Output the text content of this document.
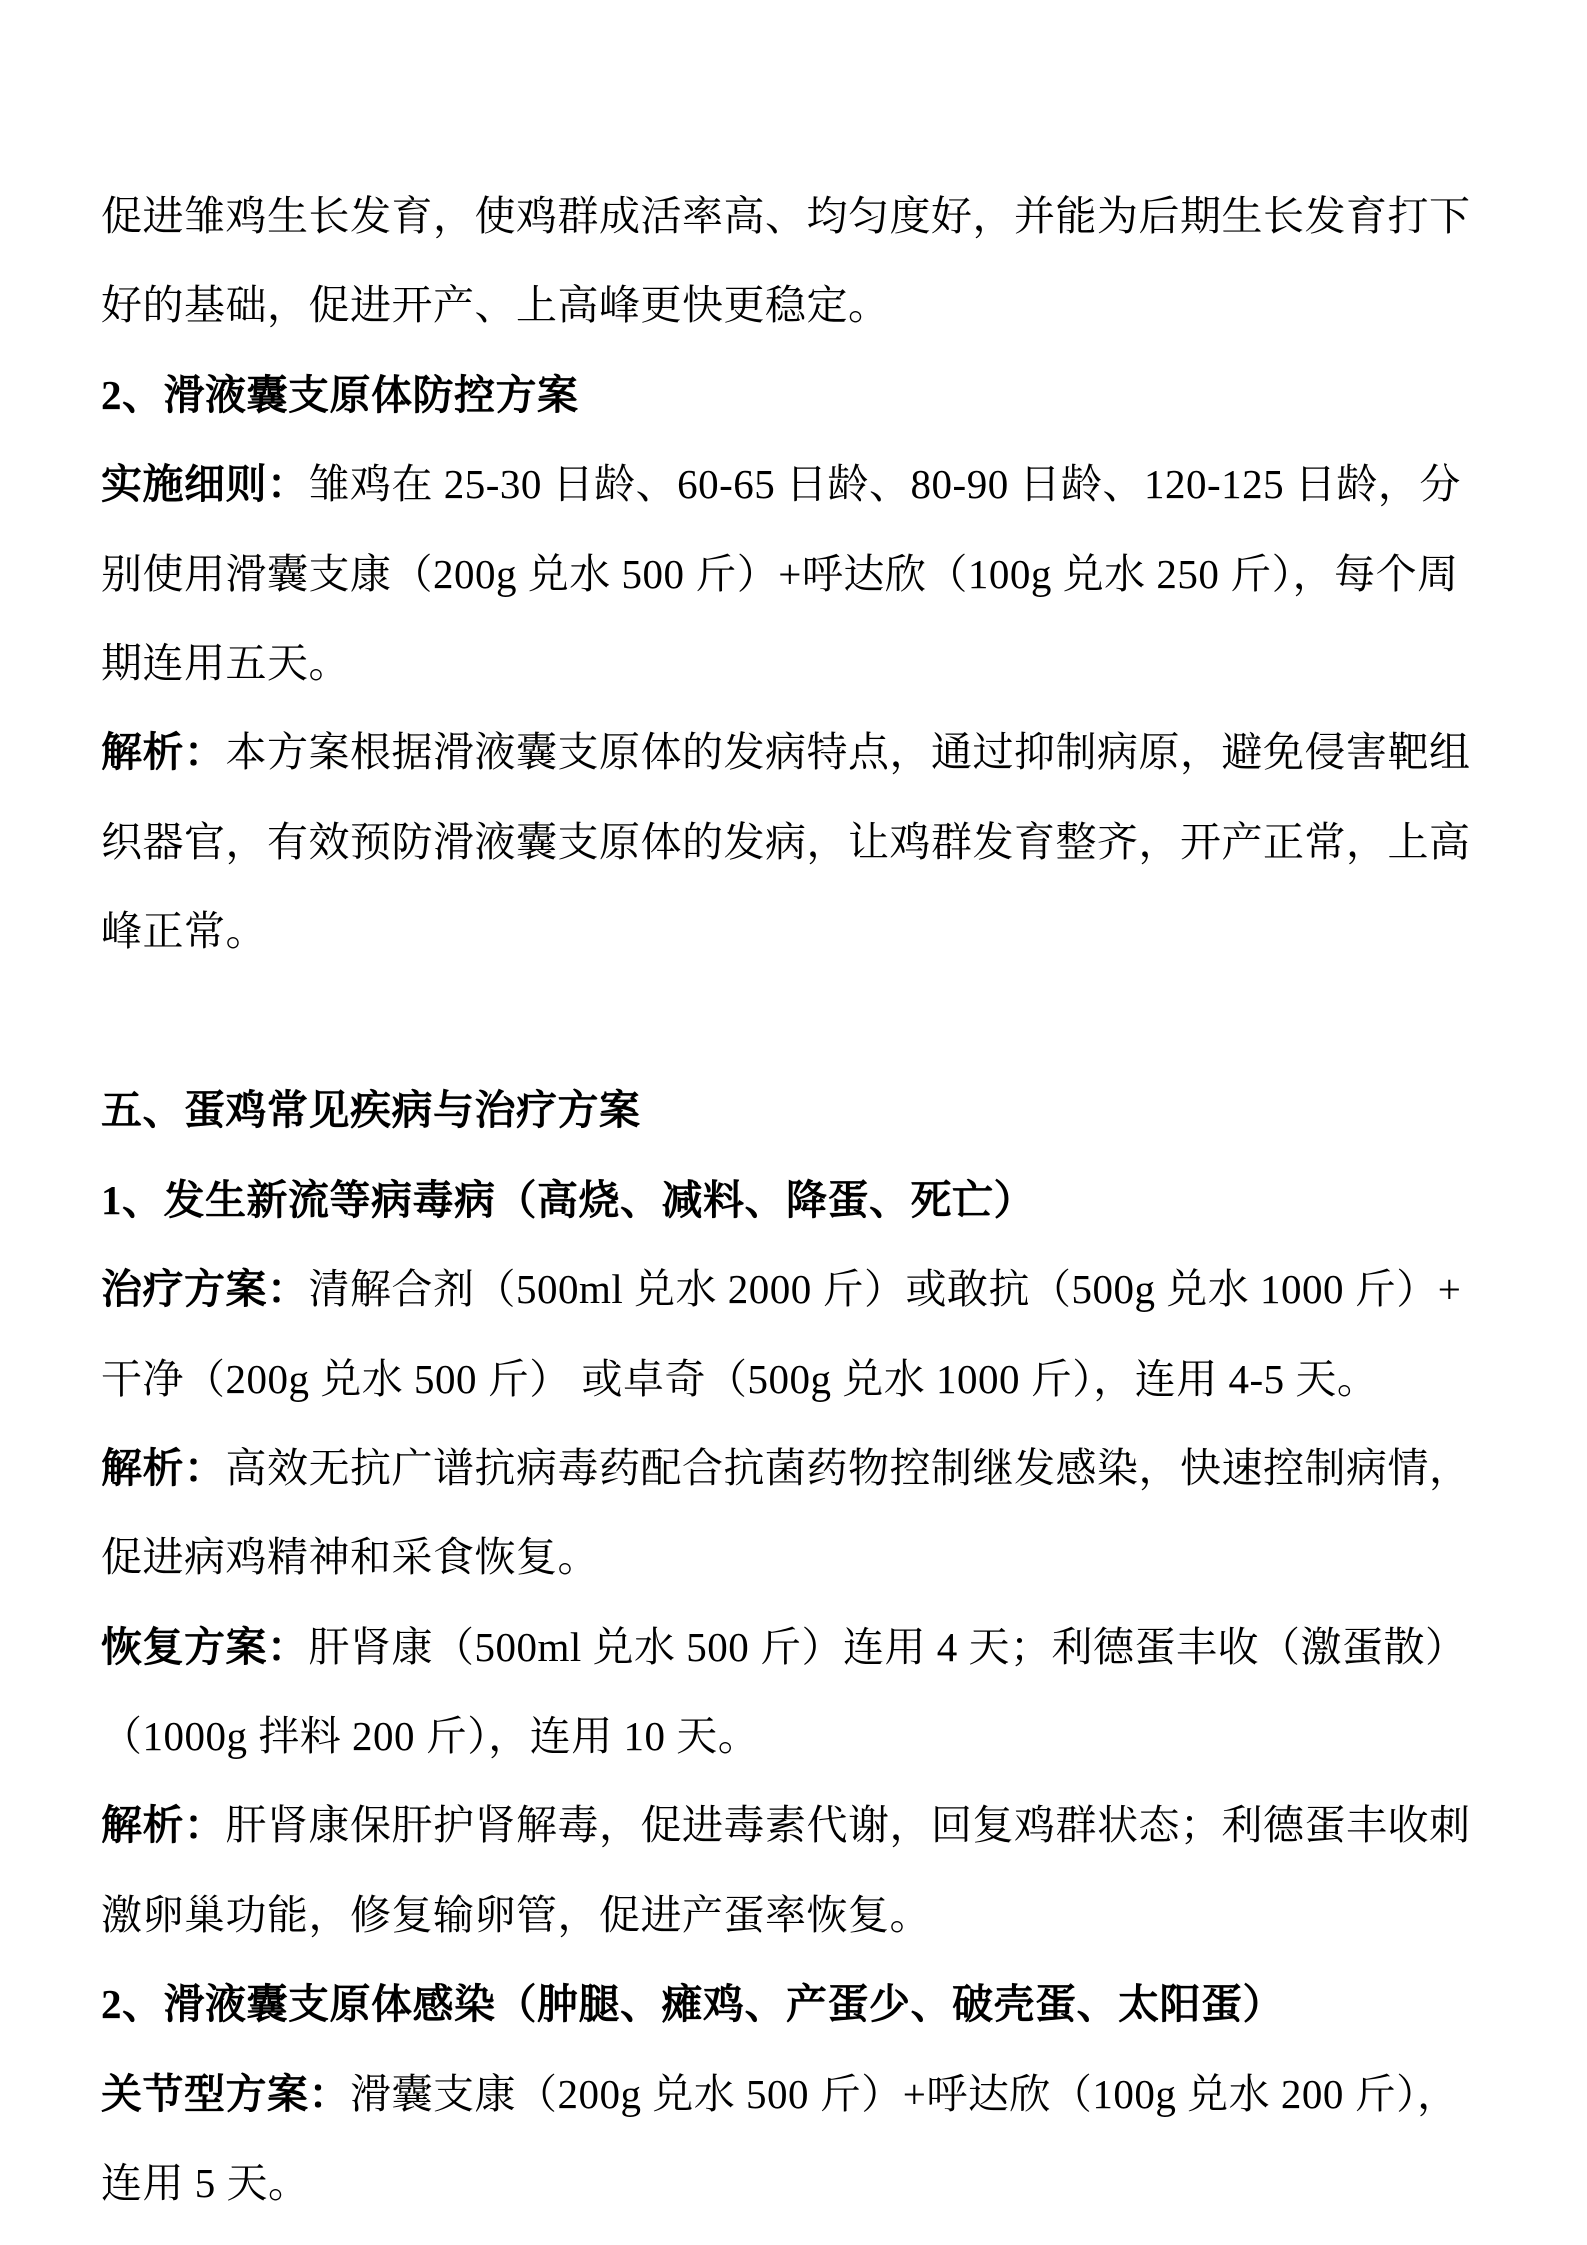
促进雏鸡生长发育，使鸡群成活率高、均匀度好，并能为后期生长发育打下好的基础，促进开产、上高峰更快更稳定。

2、滑液囊支原体防控方案

实施细则：雏鸡在 25-30 日龄、60-65 日龄、80-90 日龄、120-125 日龄，分别使用滑囊支康（200g 兑水 500 斤）+呼达欣（100g 兑水 250 斤），每个周期连用五天。

解析：本方案根据滑液囊支原体的发病特点，通过抑制病原，避免侵害靶组织器官，有效预防滑液囊支原体的发病，让鸡群发育整齐，开产正常，上高峰正常。

五、蛋鸡常见疾病与治疗方案

1、发生新流等病毒病（高烧、减料、降蛋、死亡）

治疗方案：清解合剂（500ml 兑水 2000 斤）或敢抗（500g 兑水 1000 斤）+ 干净（200g 兑水 500 斤） 或卓奇（500g 兑水 1000 斤），连用 4-5 天。

解析：高效无抗广谱抗病毒药配合抗菌药物控制继发感染，快速控制病情，促进病鸡精神和采食恢复。

恢复方案：肝肾康（500ml 兑水 500 斤）连用 4 天；利德蛋丰收（激蛋散）（1000g 拌料 200 斤），连用 10 天。

解析：肝肾康保肝护肾解毒，促进毒素代谢，回复鸡群状态；利德蛋丰收刺激卵巢功能，修复输卵管，促进产蛋率恢复。

2、滑液囊支原体感染（肿腿、瘫鸡、产蛋少、破壳蛋、太阳蛋）

关节型方案：滑囊支康（200g 兑水 500 斤）+呼达欣（100g 兑水 200 斤），连用 5 天。
